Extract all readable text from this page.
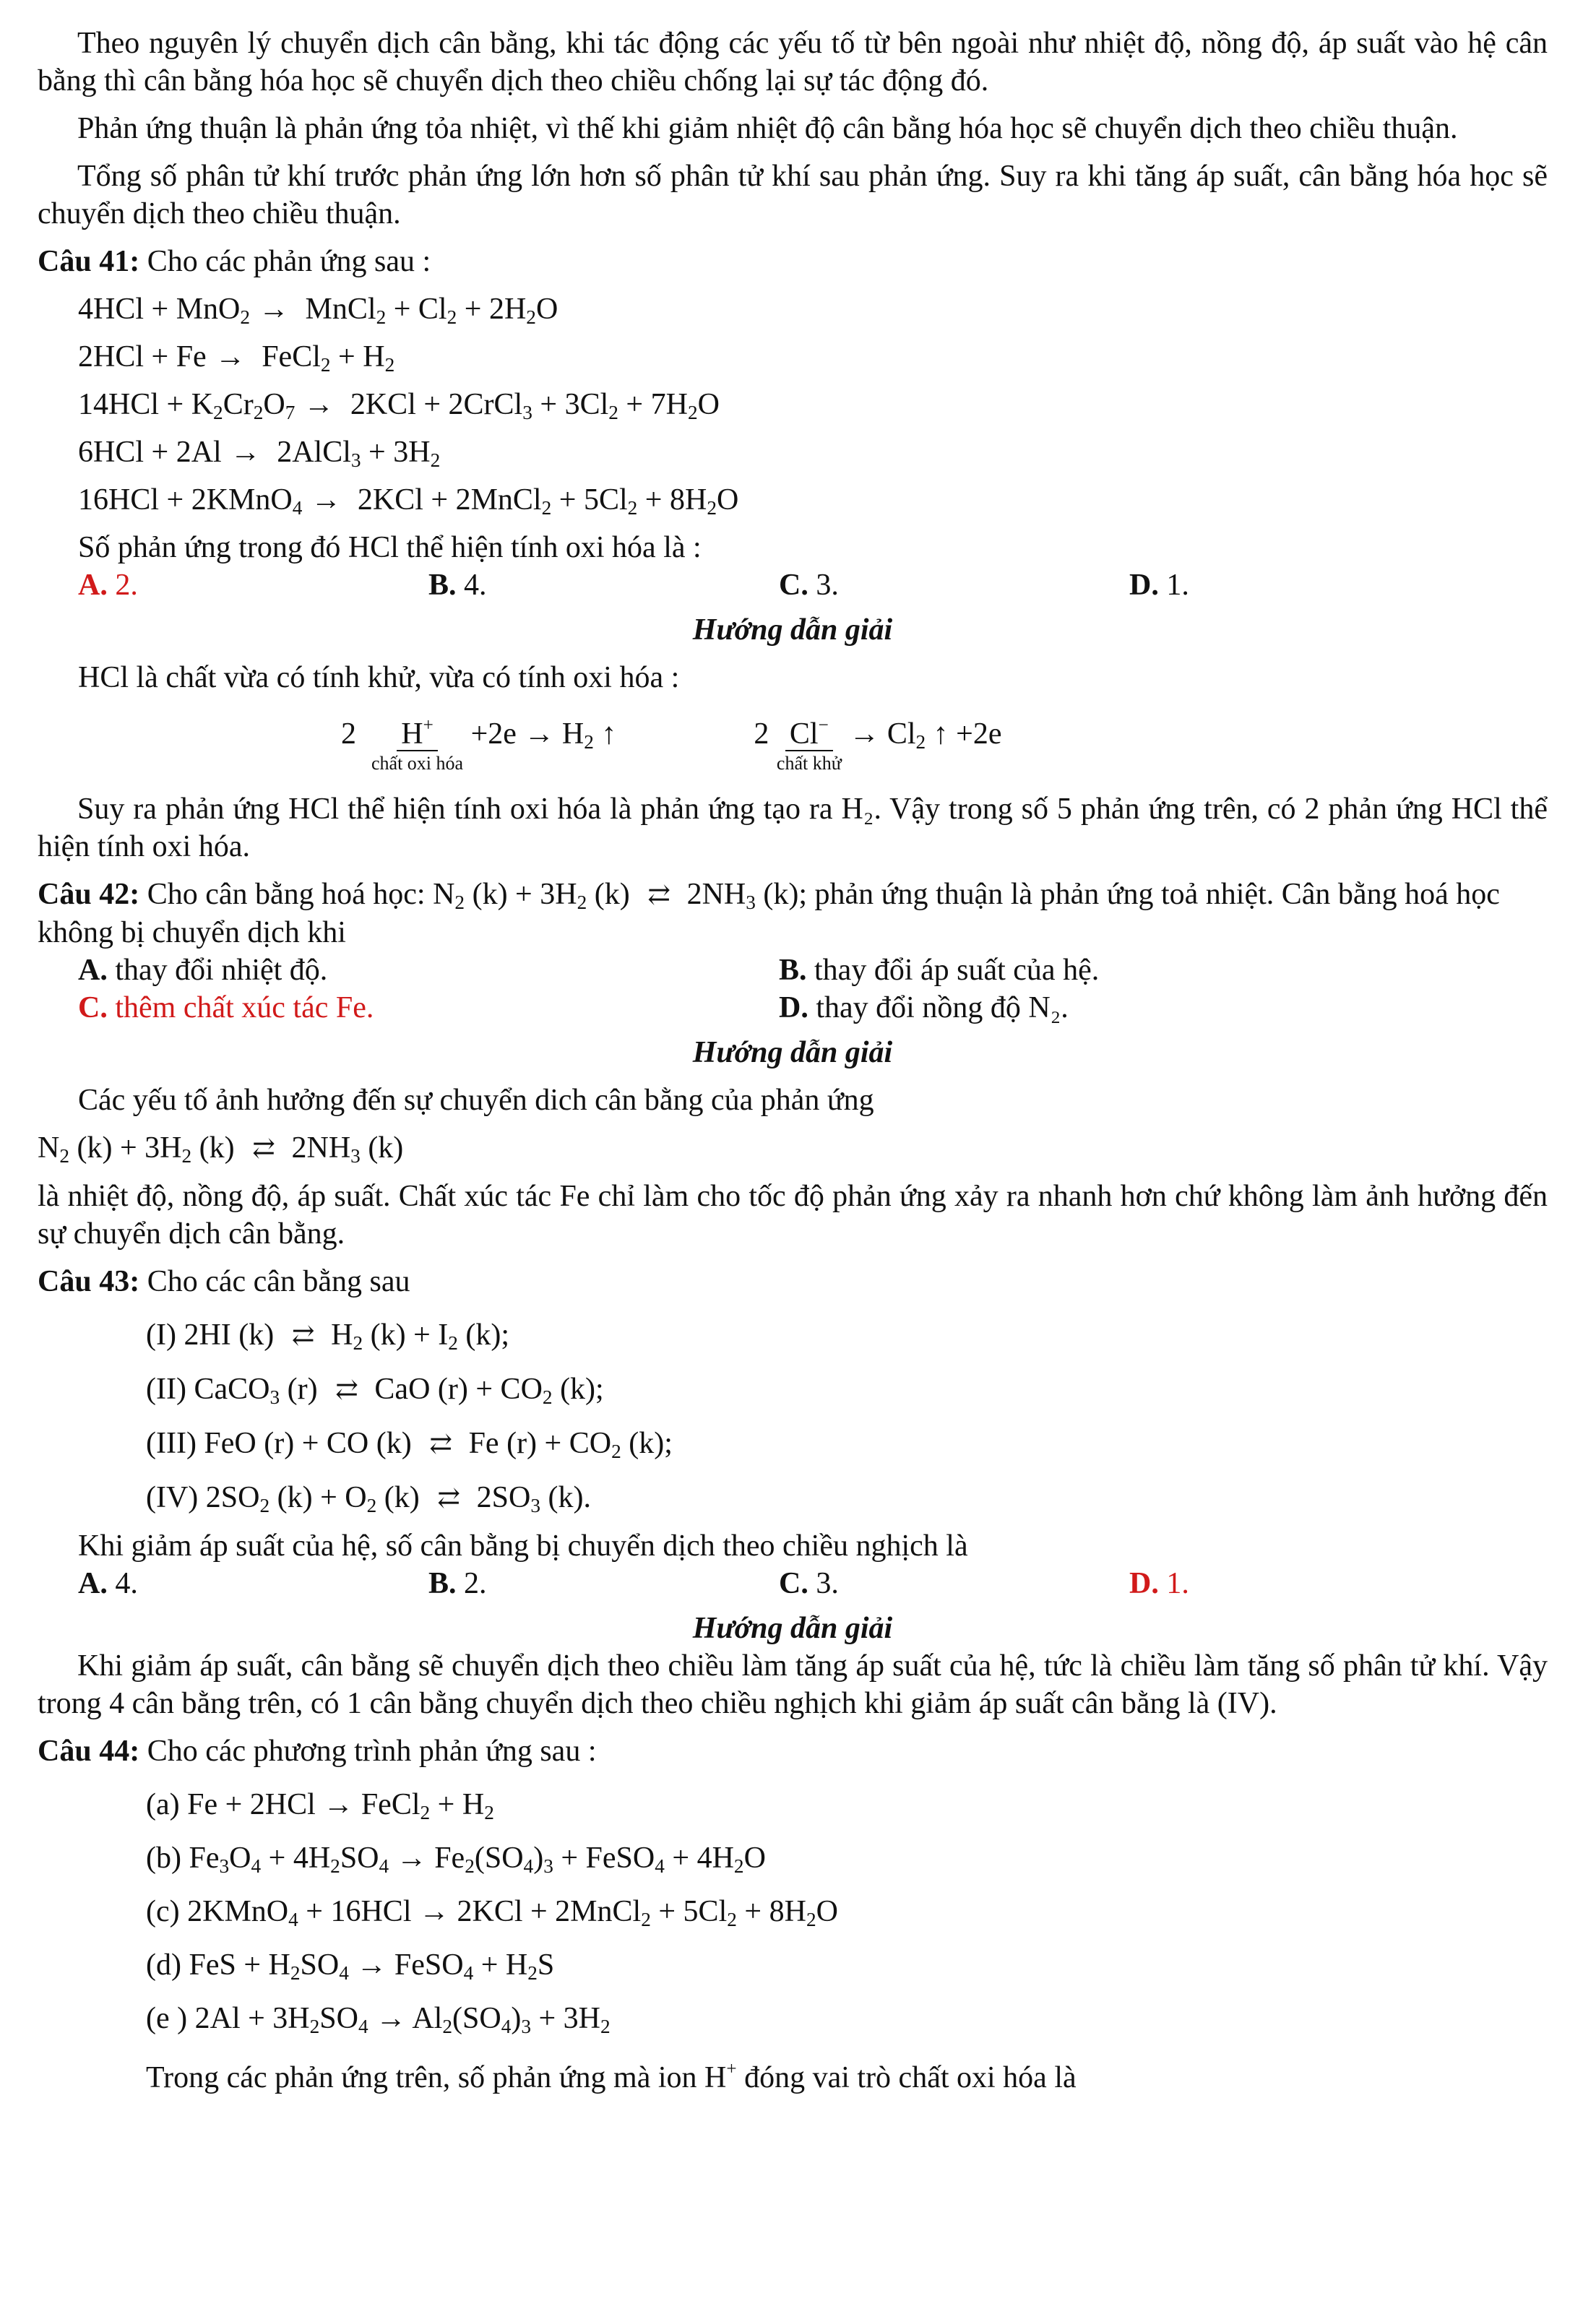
Theo nguyên lý chuyển dịch cân bằng, khi tác động các yếu tố từ bên ngoài như nhiệt độ, nồng độ, áp suất vào hệ cân bằng thì cân bằng hóa học sẽ chuyển dịch theo chiều chống lại sự tác động đó.

Phản ứng thuận là phản ứng tỏa nhiệt, vì thế khi giảm nhiệt độ cân bằng hóa học sẽ chuyển dịch theo chiều thuận.

Tổng số phân tử khí trước phản ứng lớn hơn số phân tử khí sau phản ứng. Suy ra khi tăng áp suất, cân bằng hóa học sẽ chuyển dịch theo chiều thuận.

Câu 41: Cho các phản ứng sau :

4HCl + MnO$_2$ → MnCl$_2$ + $Cl_2 + 2H_2O$

2HCl + Fe → FeCl$_2$ + $H_2$

$14HCl + K_2Cr_2O_7 \to 2KCl$ + 2CrCl$_3$ + $3Cl_2 + 7H_2O$

6HCl + 2Al → 2AlCl$_3$ + $3H_2$

16HCl + 2KMnO$_4$ → 2KCl + 2MnCl$_2$ + $5Cl_2 + 8H_2O$

Số phản ứng trong đó HCl thể hiện tính oxi hóa là :

A. 2.	B. 4.	C. 3.	D. 1.

Hướng dẫn giải

HCl là chất vừa có tính khử, vừa có tính oxi hóa :

2 H+
chất oxi hóa
$+2e \to H_2$ ↑	2 Cl−
chất khử
→ $Cl_2$ ↑ +2e

Suy ra phản ứng HCl thể hiện tính oxi hóa là phản ứng tạo ra H₂. Vậy trong số 5 phản ứng trên, có 2 phản ứng HCl thể hiện tính oxi hóa.

Câu 42: Cho cân bằng hoá học: $N_2$ $(k) + 3H_2$ (k) ⇄ $2NH_3$ (k); phản ứng thuận là phản ứng toả nhiệt. Cân bằng hoá học không bị chuyển dịch khi

A. thay đổi nhiệt độ.	B. thay đổi áp suất của hệ.
C. thêm chất xúc tác Fe.	D. thay đổi nồng độ N₂.

Hướng dẫn giải

Các yếu tố ảnh hưởng đến sự chuyển dich cân bằng của phản ứng

$N_2$ $(k) + 3H_2$ (k) ⇄ $2NH_3$ (k)

là nhiệt độ, nồng độ, áp suất. Chất xúc tác Fe chỉ làm cho tốc độ phản ứng xảy ra nhanh hơn chứ không làm ảnh hưởng đến sự chuyển dịch cân bằng.

Câu 43: Cho các cân bằng sau

(I) 2HI (k) ⇄ $H_2$ $(k) + I_2$ (k);

(II) CaCO$_3$ (r) ⇄ CaO $(r) + CO_2$ (k);

(III) FeO (r) + CO (k) ⇄ Fe $(r) + CO_2$ (k);

(IV) $2SO_2$ $(k) + O_2$ (k) ⇄ $2SO_3$ (k).

Khi giảm áp suất của hệ, số cân bằng bị chuyển dịch theo chiều nghịch là

A. 4.	B. 2.	C. 3.	D. 1.

Hướng dẫn giải

Khi giảm áp suất, cân bằng sẽ chuyển dịch theo chiều làm tăng áp suất của hệ, tức là chiều làm tăng số phân tử khí. Vậy trong 4 cân bằng trên, có 1 cân bằng chuyển dịch theo chiều nghịch khi giảm áp suất cân bằng là (IV).

Câu 44: Cho các phương trình phản ứng sau :

(a) Fe + 2HCl → FeCl$_2$ + $H_2$

(b) $Fe_3O_4 + 4H_2SO_4 \to Fe_2(SO_4)_3$ + FeSO$_4$ + $4H_2O$

(c) 2KMnO$_4$ + 16HCl → 2KCl + 2MnCl$_2$ + $5Cl_2 + 8H_2O$

(d) FeS + $H_2SO_4$ → FeSO$_4$ + $H_2S$

(e ) $2Al + 3H_2SO_4 \to Al_2(SO_4)_3 + 3H_2$

Trong các phản ứng trên, số phản ứng mà ion H+ đóng vai trò chất oxi hóa là
